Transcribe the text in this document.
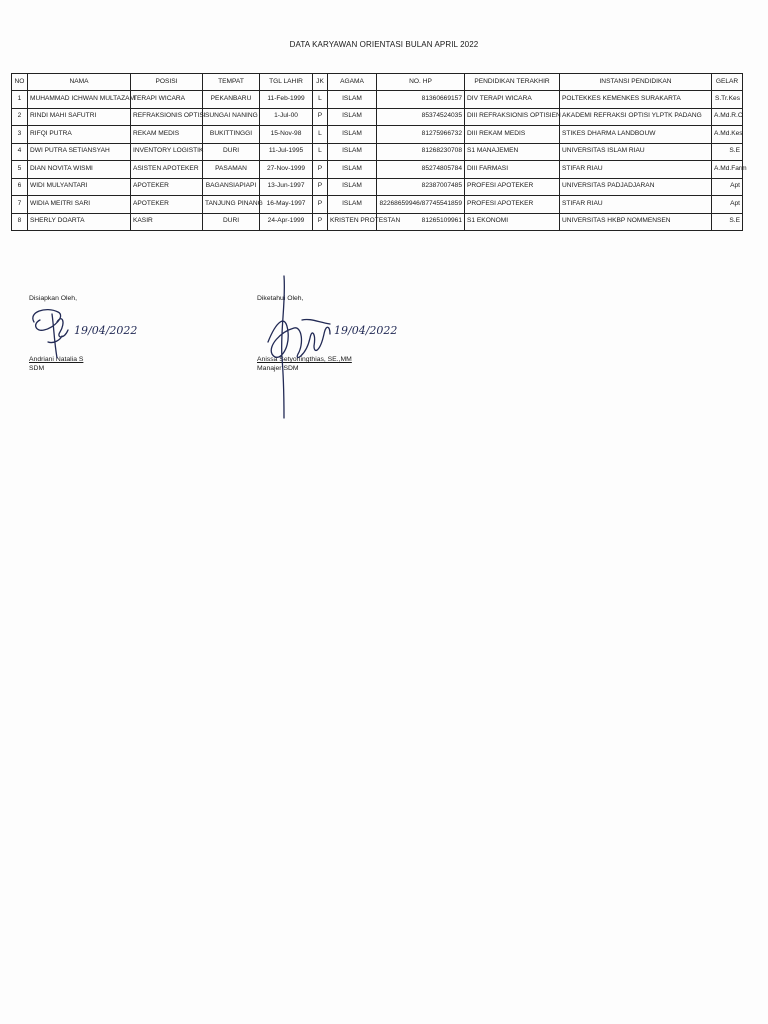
DATA KARYAWAN ORIENTASI BULAN APRIL 2022
NO	NAMA	POSISI	TEMPAT	TGL LAHIR	JK	AGAMA	NO. HP	PENDIDIKAN TERAKHIR	INSTANSI PENDIDIKAN	GELAR
1	MUHAMMAD ICHWAN MULTAZAM	TERAPI WICARA	PEKANBARU	11-Feb-1999	L	ISLAM	81360669157	DIV TERAPI WICARA	POLTEKKES KEMENKES SURAKARTA	S.Tr.Kes
2	RINDI MAHI SAFUTRI	REFRAKSIONIS OPTISI	SUNGAI NANING	1-Jul-00	P	ISLAM	85374524035	DIII REFRAKSIONIS OPTISIEN	AKADEMI REFRAKSI OPTISI YLPTK PADANG	A.Md.R.O
3	RIFQI PUTRA	REKAM MEDIS	BUKITTINGGI	15-Nov-98	L	ISLAM	81275966732	DIII REKAM MEDIS	STIKES DHARMA LANDBOUW	A.Md.Kes
4	DWI PUTRA SETIANSYAH	INVENTORY LOGISTIK	DURI	11-Jul-1995	L	ISLAM	81268230708	S1 MANAJEMEN	UNIVERSITAS ISLAM RIAU	S.E
5	DIAN NOVITA WISMI	ASISTEN APOTEKER	PASAMAN	27-Nov-1999	P	ISLAM	85274805784	DIII FARMASI	STIFAR RIAU	A.Md.Farm
6	WIDI MULYANTARI	APOTEKER	BAGANSIAPIAPI	13-Jun-1997	P	ISLAM	82387007485	PROFESI APOTEKER	UNIVERSITAS PADJADJARAN	Apt
7	WIDIA MEITRI SARI	APOTEKER	TANJUNG PINANG	16-May-1997	P	ISLAM	82268659946/87745541859	PROFESI APOTEKER	STIFAR RIAU	Apt
8	SHERLY DOARTA	KASIR	DURI	24-Apr-1999	P	KRISTEN PROTESTAN	81265109961	S1 EKONOMI	UNIVERSITAS HKBP NOMMENSEN	S.E
Disiapkan Oleh,
Andriani Natalia S
SDM
19/04/2022
Diketahui Oleh,
Anissa Setyoningthias, SE.,MM
Manajer SDM
19/04/2022
